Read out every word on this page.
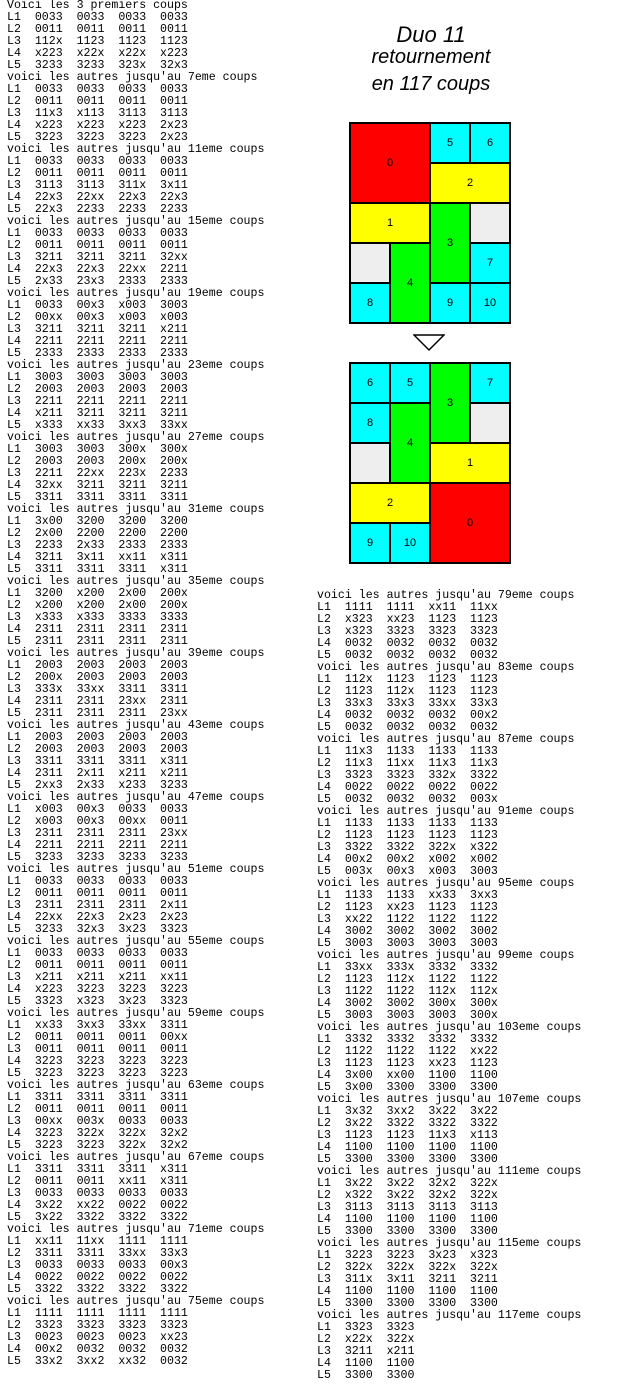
Voici les 3 premiers coups
L1  0033  0033  0033  0033
L2  0011  0011  0011  0011
L3  112x  1123  1123  1123
L4  x223  x22x  x22x  x223
L5  3233  3233  323x  32x3
voici les autres jusqu'au 7eme coups
L1  0033  0033  0033  0033
L2  0011  0011  0011  0011
L3  11x3  x113  3113  3113
L4  x223  x223  x223  2x23
L5  3223  3223  3223  2x23
voici les autres jusqu'au 11eme coups
L1  0033  0033  0033  0033
L2  0011  0011  0011  0011
L3  3113  3113  311x  3x11
L4  22x3  22xx  22x3  22x3
L5  22x3  2233  2233  2233
voici les autres jusqu'au 15eme coups
L1  0033  0033  0033  0033
L2  0011  0011  0011  0011
L3  3211  3211  3211  32xx
L4  22x3  22x3  22xx  2211
L5  2x33  23x3  2333  2333
voici les autres jusqu'au 19eme coups
L1  0033  00x3  x003  3003
L2  00xx  00x3  x003  x003
L3  3211  3211  3211  x211
L4  2211  2211  2211  2211
L5  2333  2333  2333  2333
voici les autres jusqu'au 23eme coups
L1  3003  3003  3003  3003
L2  2003  2003  2003  2003
L3  2211  2211  2211  2211
L4  x211  3211  3211  3211
L5  x333  xx33  3xx3  33xx
voici les autres jusqu'au 27eme coups
L1  3003  3003  300x  300x
L2  2003  2003  200x  200x
L3  2211  22xx  223x  2233
L4  32xx  3211  3211  3211
L5  3311  3311  3311  3311
voici les autres jusqu'au 31eme coups
L1  3x00  3200  3200  3200
L2  2x00  2200  2200  2200
L3  2233  2x33  2333  2333
L4  3211  3x11  xx11  x311
L5  3311  3311  3311  x311
voici les autres jusqu'au 35eme coups
L1  3200  x200  2x00  200x
L2  x200  x200  2x00  200x
L3  x333  x333  3333  3333
L4  2311  2311  2311  2311
L5  2311  2311  2311  2311
voici les autres jusqu'au 39eme coups
L1  2003  2003  2003  2003
L2  200x  2003  2003  2003
L3  333x  33xx  3311  3311
L4  2311  2311  23xx  2311
L5  2311  2311  2311  23xx
voici les autres jusqu'au 43eme coups
L1  2003  2003  2003  2003
L2  2003  2003  2003  2003
L3  3311  3311  3311  x311
L4  2311  2x11  x211  x211
L5  2xx3  2x33  x233  3233
voici les autres jusqu'au 47eme coups
L1  x003  00x3  0033  0033
L2  x003  00x3  00xx  0011
L3  2311  2311  2311  23xx
L4  2211  2211  2211  2211
L5  3233  3233  3233  3233
voici les autres jusqu'au 51eme coups
L1  0033  0033  0033  0033
L2  0011  0011  0011  0011
L3  2311  2311  2311  2x11
L4  22xx  22x3  2x23  2x23
L5  3233  32x3  3x23  3323
voici les autres jusqu'au 55eme coups
L1  0033  0033  0033  0033
L2  0011  0011  0011  0011
L3  x211  x211  x211  xx11
L4  x223  3223  3223  3223
L5  3323  x323  3x23  3323
voici les autres jusqu'au 59eme coups
L1  xx33  3xx3  33xx  3311
L2  0011  0011  0011  00xx
L3  0011  0011  0011  0011
L4  3223  3223  3223  3223
L5  3223  3223  3223  3223
voici les autres jusqu'au 63eme coups
L1  3311  3311  3311  3311
L2  0011  0011  0011  0011
L3  00xx  003x  0033  0033
L4  3223  322x  322x  32x2
L5  3223  3223  322x  32x2
voici les autres jusqu'au 67eme coups
L1  3311  3311  3311  x311
L2  0011  0011  xx11  x311
L3  0033  0033  0033  0033
L4  3x22  xx22  0022  0022
L5  3x22  3322  3322  3322
voici les autres jusqu'au 71eme coups
L1  xx11  11xx  1111  1111
L2  3311  3311  33xx  33x3
L3  0033  0033  0033  00x3
L4  0022  0022  0022  0022
L5  3322  3322  3322  3322
voici les autres jusqu'au 75eme coups
L1  1111  1111  1111  1111
L2  3323  3323  3323  3323
L3  0023  0023  0023  xx23
L4  00x2  0032  0032  0032
L5  33x2  3xx2  xx32  0032
voici les autres jusqu'au 79eme coups
L1  1111  1111  xx11  11xx
L2  x323  xx23  1123  1123
L3  x323  3323  3323  3323
L4  0032  0032  0032  0032
L5  0032  0032  0032  0032
voici les autres jusqu'au 83eme coups
L1  112x  1123  1123  1123
L2  1123  112x  1123  1123
L3  33x3  33x3  33xx  33x3
L4  0032  0032  0032  00x2
L5  0032  0032  0032  0032
voici les autres jusqu'au 87eme coups
L1  11x3  1133  1133  1133
L2  11x3  11xx  11x3  11x3
L3  3323  3323  332x  3322
L4  0022  0022  0022  0022
L5  0032  0032  0032  003x
voici les autres jusqu'au 91eme coups
L1  1133  1133  1133  1133
L2  1123  1123  1123  1123
L3  3322  3322  322x  x322
L4  00x2  00x2  x002  x002
L5  003x  00x3  x003  3003
voici les autres jusqu'au 95eme coups
L1  1133  1133  xx33  3xx3
L2  1123  xx23  1123  1123
L3  xx22  1122  1122  1122
L4  3002  3002  3002  3002
L5  3003  3003  3003  3003
voici les autres jusqu'au 99eme coups
L1  33xx  333x  3332  3332
L2  1123  112x  1122  1122
L3  1122  1122  112x  112x
L4  3002  3002  300x  300x
L5  3003  3003  3003  300x
voici les autres jusqu'au 103eme coups
L1  3332  3332  3332  3332
L2  1122  1122  1122  xx22
L3  1123  1123  xx23  1123
L4  3x00  xx00  1100  1100
L5  3x00  3300  3300  3300
voici les autres jusqu'au 107eme coups
L1  3x32  3xx2  3x22  3x22
L2  3x22  3322  3322  3322
L3  1123  1123  11x3  x113
L4  1100  1100  1100  1100
L5  3300  3300  3300  3300
voici les autres jusqu'au 111eme coups
L1  3x22  3x22  32x2  322x
L2  x322  3x22  32x2  322x
L3  3113  3113  3113  3113
L4  1100  1100  1100  1100
L5  3300  3300  3300  3300
voici les autres jusqu'au 115eme coups
L1  3223  3223  3x23  x323
L2  322x  322x  322x  322x
L3  311x  3x11  3211  3211
L4  1100  1100  1100  1100
L5  3300  3300  3300  3300
voici les autres jusqu'au 117eme coups
L1  3323  3323
L2  x22x  322x
L3  3211  x211
L4  1100  1100
L5  3300  3300
Duo 11
retournement
en 117 coups
0
5	6
2
1
3
4
7
8	9	10
6	5
3
7
8
4
1
2
0
9	10
